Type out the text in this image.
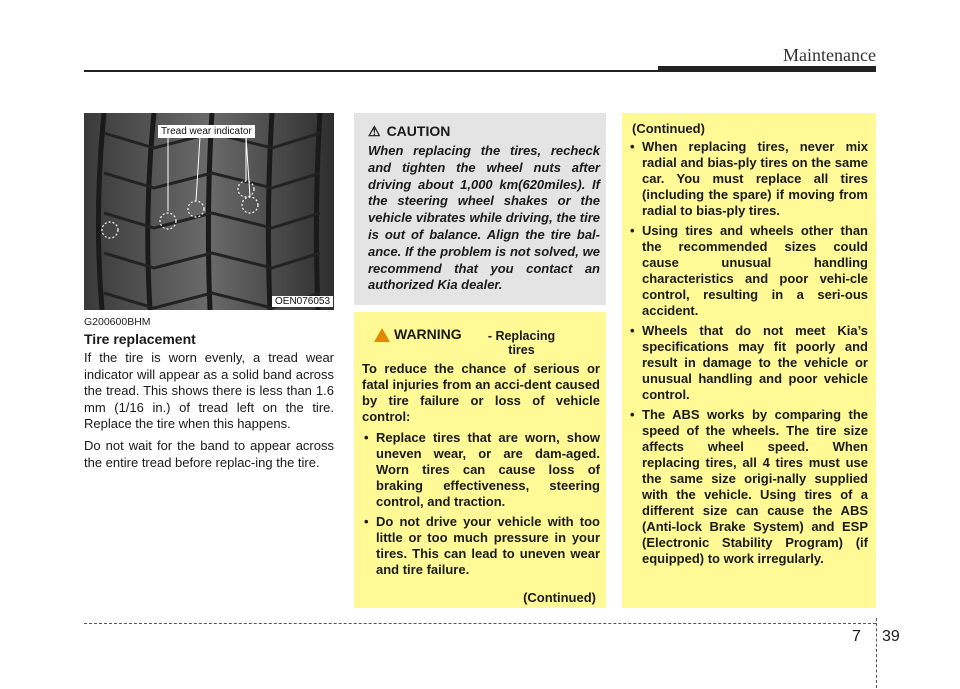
Maintenance
Tread wear indicator
OEN076053
G200600BHM
Tire replacement
If the tire is worn evenly, a tread wear indicator will appear as a solid band across the tread. This shows there is less than 1.6 mm (1/16 in.) of tread left on the tire. Replace the tire when this happens.
Do not wait for the band to appear across the entire tread before replac-ing the tire.
⚠ CAUTION
When replacing the tires, recheck and tighten the wheel nuts after driving about 1,000 km(620miles). If the steering wheel shakes or the vehicle vibrates while driving, the tire is out of balance. Align the tire bal-ance. If the problem is not solved, we recommend that you contact an authorized Kia dealer.
WARNING	- Replacing tires
To reduce the chance of serious or fatal injuries from an acci-dent caused by tire failure or loss of vehicle control:
• Replace tires that are worn, show uneven wear, or are dam-aged. Worn tires can cause loss of braking effectiveness, steering control, and traction.
• Do not drive your vehicle with too little or too much pressure in your tires. This can lead to uneven wear and tire failure.
(Continued)
(Continued)
• When replacing tires, never mix radial and bias-ply tires on the same car. You must replace all tires (including the spare) if moving from radial to bias-ply tires.
• Using tires and wheels other than the recommended sizes could cause unusual handling characteristics and poor vehi-cle control, resulting in a seri-ous accident.
• Wheels that do not meet Kia’s specifications may fit poorly and result in damage to the vehicle or unusual handling and poor vehicle control.
• The ABS works by comparing the speed of the wheels. The tire size affects wheel speed. When replacing tires, all 4 tires must use the same size origi-nally supplied with the vehicle. Using tires of a different size can cause the ABS (Anti-lock Brake System) and ESP (Electronic Stability Program) (if equipped) to work irregularly.
7 39
